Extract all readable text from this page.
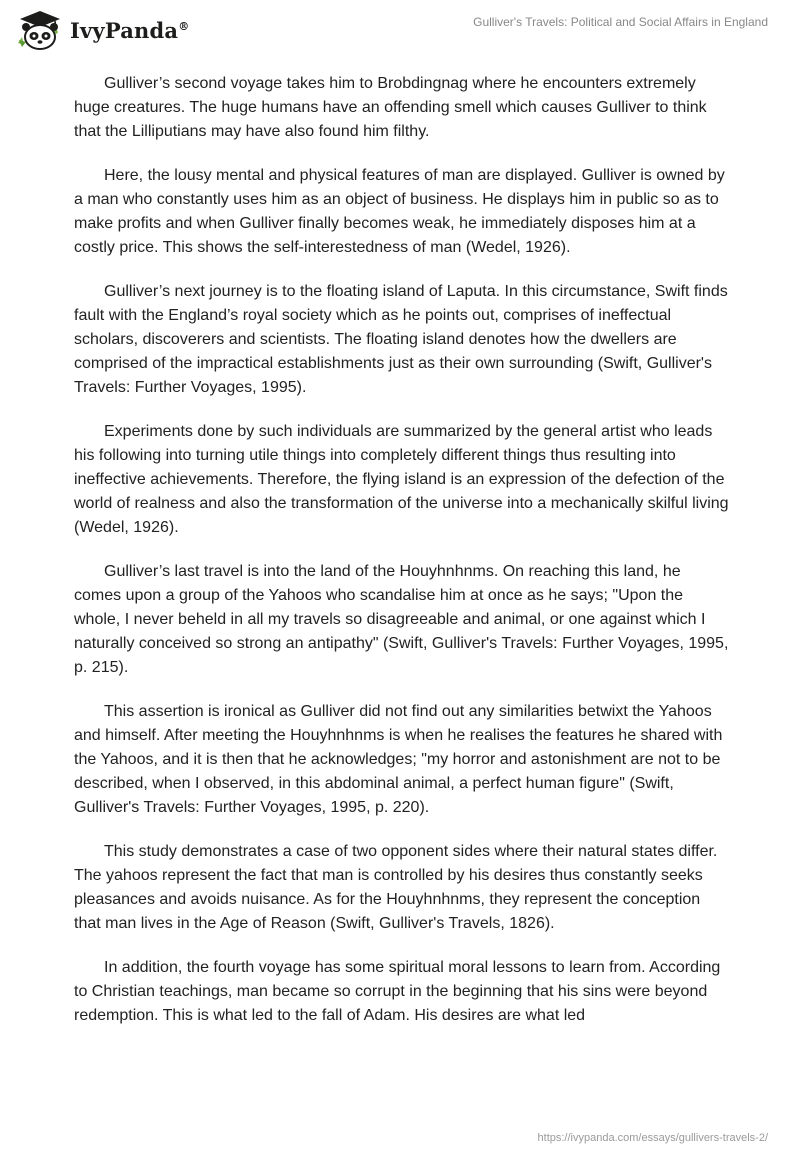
IvyPanda®	Gulliver's Travels: Political and Social Affairs in England

Gulliver’s second voyage takes him to Brobdingnag where he encounters extremely huge creatures. The huge humans have an offending smell which causes Gulliver to think that the Lilliputians may have also found him filthy.

Here, the lousy mental and physical features of man are displayed. Gulliver is owned by a man who constantly uses him as an object of business. He displays him in public so as to make profits and when Gulliver finally becomes weak, he immediately disposes him at a costly price. This shows the self-interestedness of man (Wedel, 1926).

Gulliver’s next journey is to the floating island of Laputa. In this circumstance, Swift finds fault with the England’s royal society which as he points out, comprises of ineffectual scholars, discoverers and scientists. The floating island denotes how the dwellers are comprised of the impractical establishments just as their own surrounding (Swift, Gulliver's Travels: Further Voyages, 1995).

Experiments done by such individuals are summarized by the general artist who leads his following into turning utile things into completely different things thus resulting into ineffective achievements. Therefore, the flying island is an expression of the defection of the world of realness and also the transformation of the universe into a mechanically skilful living (Wedel, 1926).

Gulliver’s last travel is into the land of the Houyhnhnms. On reaching this land, he comes upon a group of the Yahoos who scandalise him at once as he says; "Upon the whole, I never beheld in all my travels so disagreeable and animal, or one against which I naturally conceived so strong an antipathy" (Swift, Gulliver's Travels: Further Voyages, 1995, p. 215).

This assertion is ironical as Gulliver did not find out any similarities betwixt the Yahoos and himself. After meeting the Houyhnhnms is when he realises the features he shared with the Yahoos, and it is then that he acknowledges; "my horror and astonishment are not to be described, when I observed, in this abdominal animal, a perfect human figure" (Swift, Gulliver's Travels: Further Voyages, 1995, p. 220).

This study demonstrates a case of two opponent sides where their natural states differ. The yahoos represent the fact that man is controlled by his desires thus constantly seeks pleasances and avoids nuisance. As for the Houyhnhnms, they represent the conception that man lives in the Age of Reason (Swift, Gulliver's Travels, 1826).

In addition, the fourth voyage has some spiritual moral lessons to learn from. According to Christian teachings, man became so corrupt in the beginning that his sins were beyond redemption. This is what led to the fall of Adam. His desires are what led

https://ivypanda.com/essays/gullivers-travels-2/
